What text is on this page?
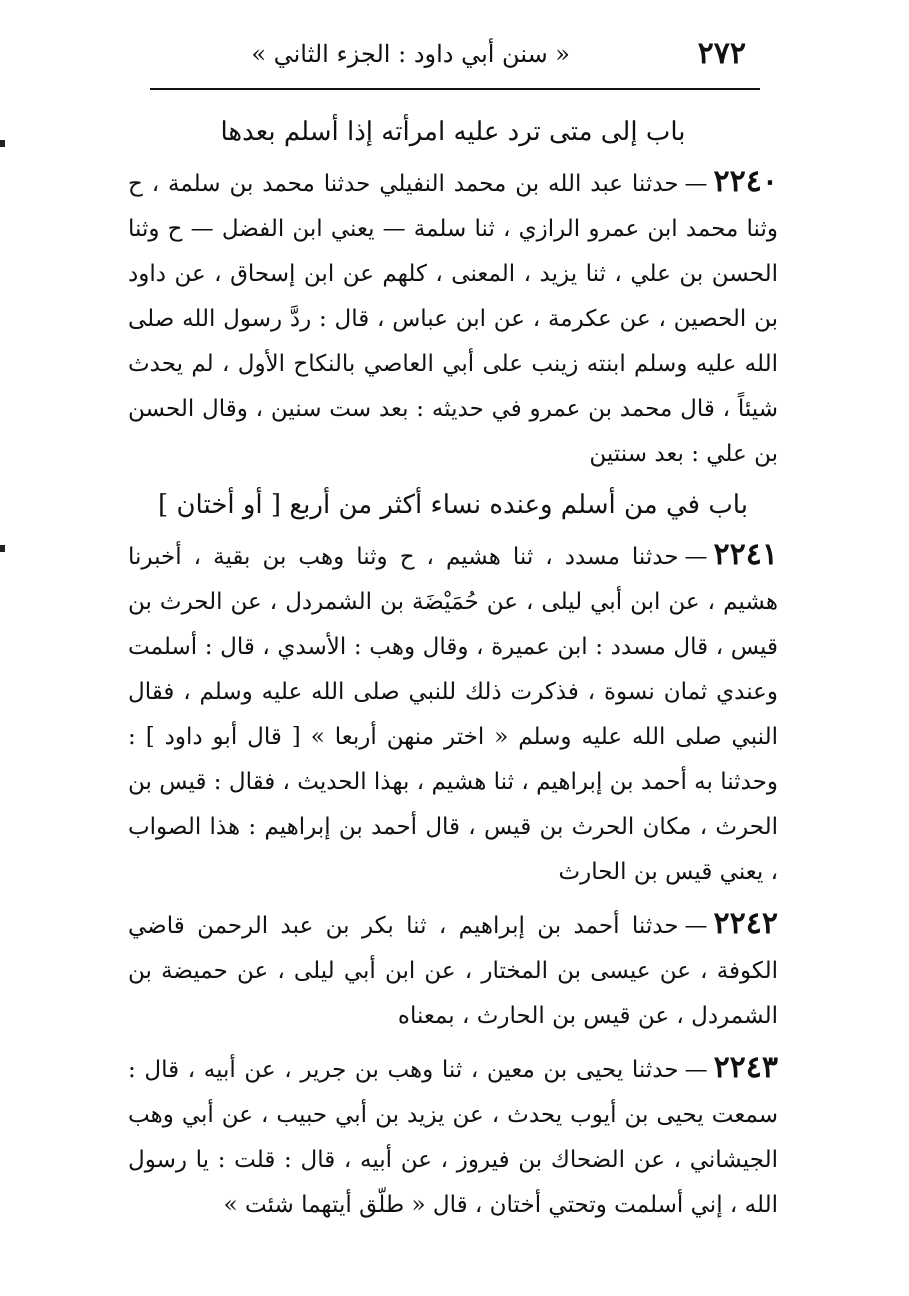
٢٧٢
« سنن أبي داود : الجزء الثاني »
باب إلى متى ترد عليه امرأته إذا أسلم بعدها

٢٢٤٠—حدثنا عبد الله بن محمد النفيلي حدثنا محمد بن سلمة ، ح وثنا محمد ابن عمرو الرازي ، ثنا سلمة — يعني ابن الفضل — ح وثنا الحسن بن علي ، ثنا يزيد ، المعنى ، كلهم عن ابن إسحاق ، عن داود بن الحصين ، عن عكرمة ، عن ابن عباس ، قال : ردَّ رسول الله صلى الله عليه وسلم ابنته زينب على أبي العاصي بالنكاح الأول ، لم يحدث شيئاً ، قال محمد بن عمرو في حديثه : بعد ست سنين ، وقال الحسن بن علي : بعد سنتين

باب في من أسلم وعنده نساء أكثر من أربع [ أو أختان ]

٢٢٤١—حدثنا مسدد ، ثنا هشيم ، ح وثنا وهب بن بقية ، أخبرنا هشيم ، عن ابن أبي ليلى ، عن حُمَيْضَة بن الشمردل ، عن الحرث بن قيس ، قال مسدد : ابن عميرة ، وقال وهب : الأسدي ، قال : أسلمت وعندي ثمان نسوة ، فذكرت ذلك للنبي صلى الله عليه وسلم ، فقال النبي صلى الله عليه وسلم « اختر منهن أربعا » [ قال أبو داود ] : وحدثنا به أحمد بن إبراهيم ، ثنا هشيم ، بهذا الحديث ، فقال : قيس بن الحرث ، مكان الحرث بن قيس ، قال أحمد بن إبراهيم : هذا الصواب ، يعني قيس بن الحارث

٢٢٤٢—حدثنا أحمد بن إبراهيم ، ثنا بكر بن عبد الرحمن قاضي الكوفة ، عن عيسى بن المختار ، عن ابن أبي ليلى ، عن حميضة بن الشمردل ، عن قيس بن الحارث ، بمعناه

٢٢٤٣—حدثنا يحيى بن معين ، ثنا وهب بن جرير ، عن أبيه ، قال : سمعت يحيى بن أيوب يحدث ، عن يزيد بن أبي حبيب ، عن أبي وهب الجيشاني ، عن الضحاك بن فيروز ، عن أبيه ، قال : قلت : يا رسول الله ، إني أسلمت وتحتي أختان ، قال « طلّق أيتهما شئت »
